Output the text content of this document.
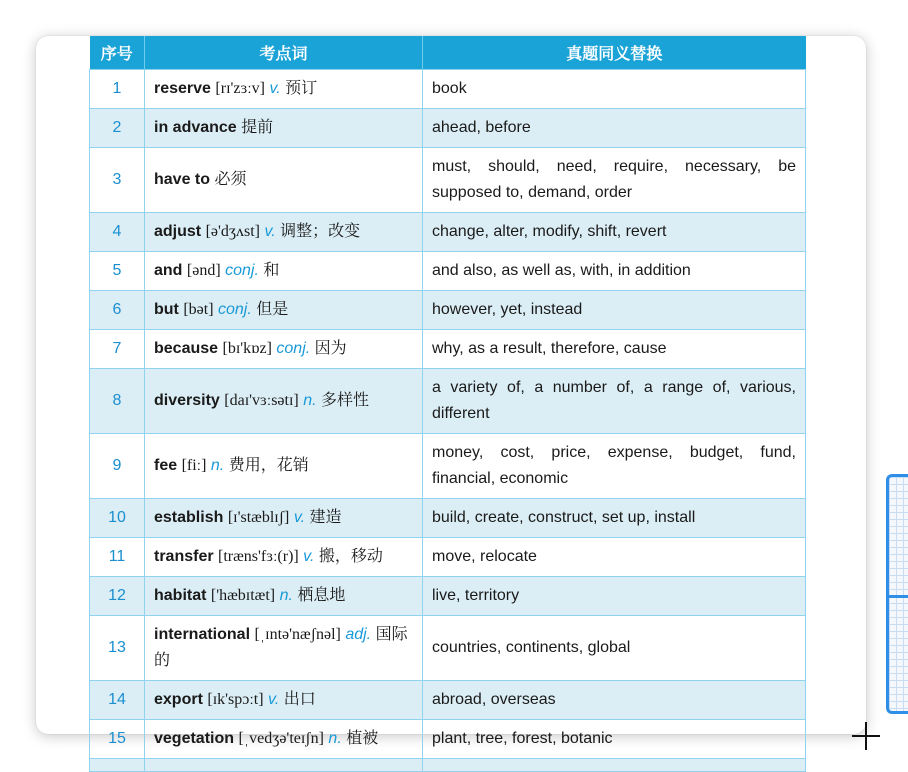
序号	考点词	真题同义替换
1	reserve [rɪ'zɜːv] v. 预订	book
2	in advance 提前	ahead, before
3	have to 必须	must, should, need, require, necessary, be supposed to, demand, order
4	adjust [ə'dʒʌst] v. 调整；改变	change, alter, modify, shift, revert
5	and [ənd] conj. 和	and also, as well as, with, in addition
6	but [bət] conj. 但是	however, yet, instead
7	because [bɪ'kɒz] conj. 因为	why, as a result, therefore, cause
8	diversity [daɪ'vɜːsətɪ] n. 多样性	a variety of, a number of, a range of, various, different
9	fee [fiː] n. 费用，花销	money, cost, price, expense, budget, fund, financial, economic
10	establish [ɪ'stæblɪʃ] v. 建造	build, create, construct, set up, install
11	transfer [træns'fɜː(r)] v. 搬，移动	move, relocate
12	habitat ['hæbɪtæt] n. 栖息地	live, territory
13	international [ˌɪntə'næʃnəl] adj. 国际的	countries, continents, global
14	export [ɪk'spɔːt] v. 出口	abroad, overseas
15	vegetation [ˌvedʒə'teɪʃn] n. 植被	plant, tree, forest, botanic
